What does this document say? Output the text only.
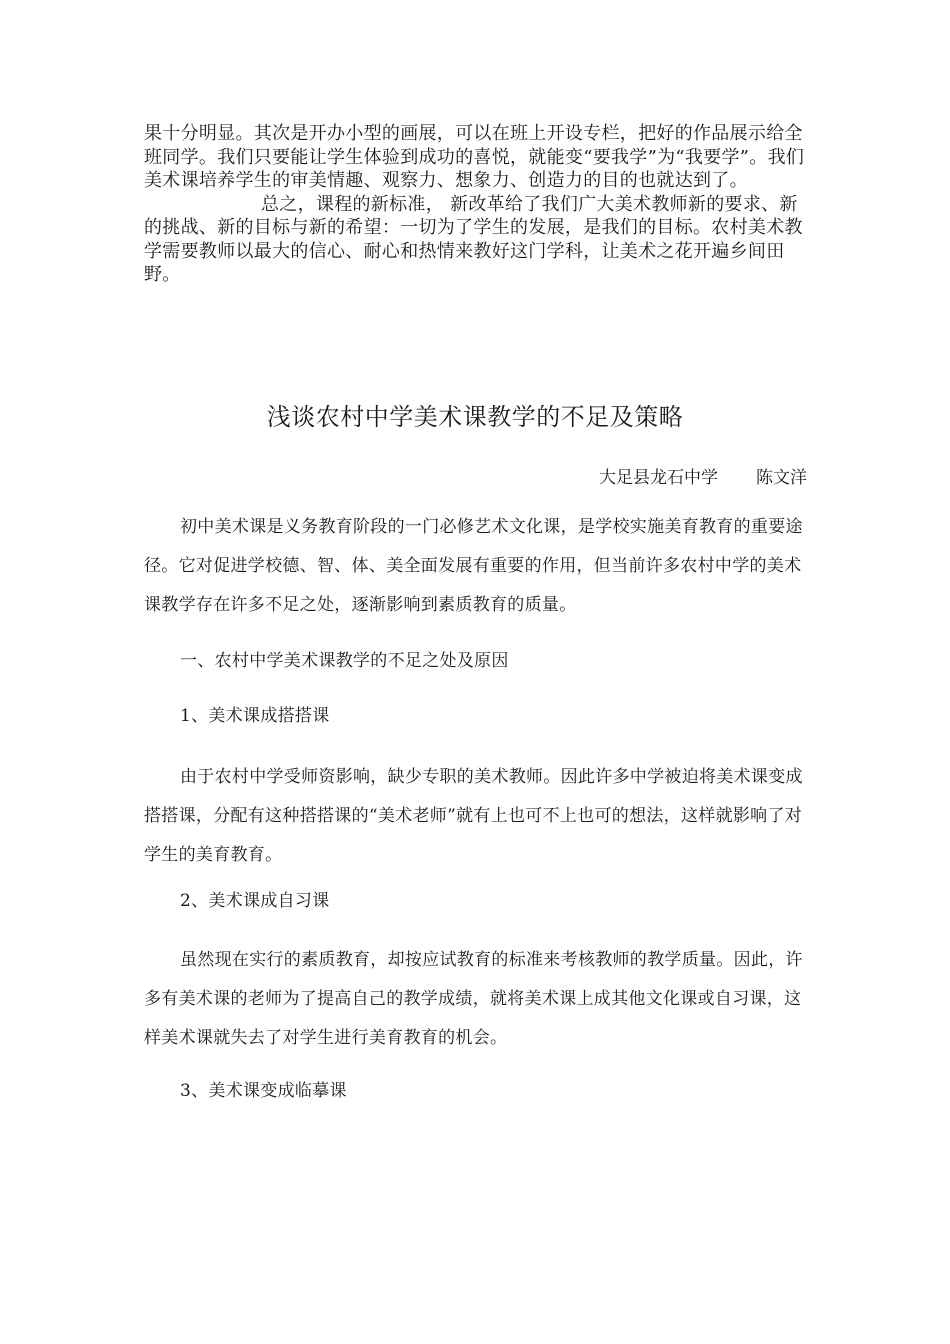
果十分明显。其次是开办小型的画展，可以在班上开设专栏，把好的作品展示给全班同学。我们只要能让学生体验到成功的喜悦，就能变“要我学”为“我要学”。我们美术课培养学生的审美情趣、观察力、想象力、创造力的目的也就达到了。

总之，课程的新标准， 新改革给了我们广大美术教师新的要求、新的挑战、新的目标与新的希望：一切为了学生的发展，是我们的目标。农村美术教学需要教师以最大的信心、耐心和热情来教好这门学科，让美术之花开遍乡间田野。

浅谈农村中学美术课教学的不足及策略

大足县龙石中学 陈文洋

初中美术课是义务教育阶段的一门必修艺术文化课，是学校实施美育教育的重要途径。它对促进学校德、智、体、美全面发展有重要的作用，但当前许多农村中学的美术课教学存在许多不足之处，逐渐影响到素质教育的质量。

一、农村中学美术课教学的不足之处及原因

1、美术课成搭搭课

由于农村中学受师资影响，缺少专职的美术教师。因此许多中学被迫将美术课变成搭搭课，分配有这种搭搭课的“美术老师”就有上也可不上也可的想法，这样就影响了对学生的美育教育。

2、美术课成自习课

虽然现在实行的素质教育，却按应试教育的标准来考核教师的教学质量。因此，许多有美术课的老师为了提高自己的教学成绩，就将美术课上成其他文化课或自习课，这样美术课就失去了对学生进行美育教育的机会。

3、美术课变成临摹课
